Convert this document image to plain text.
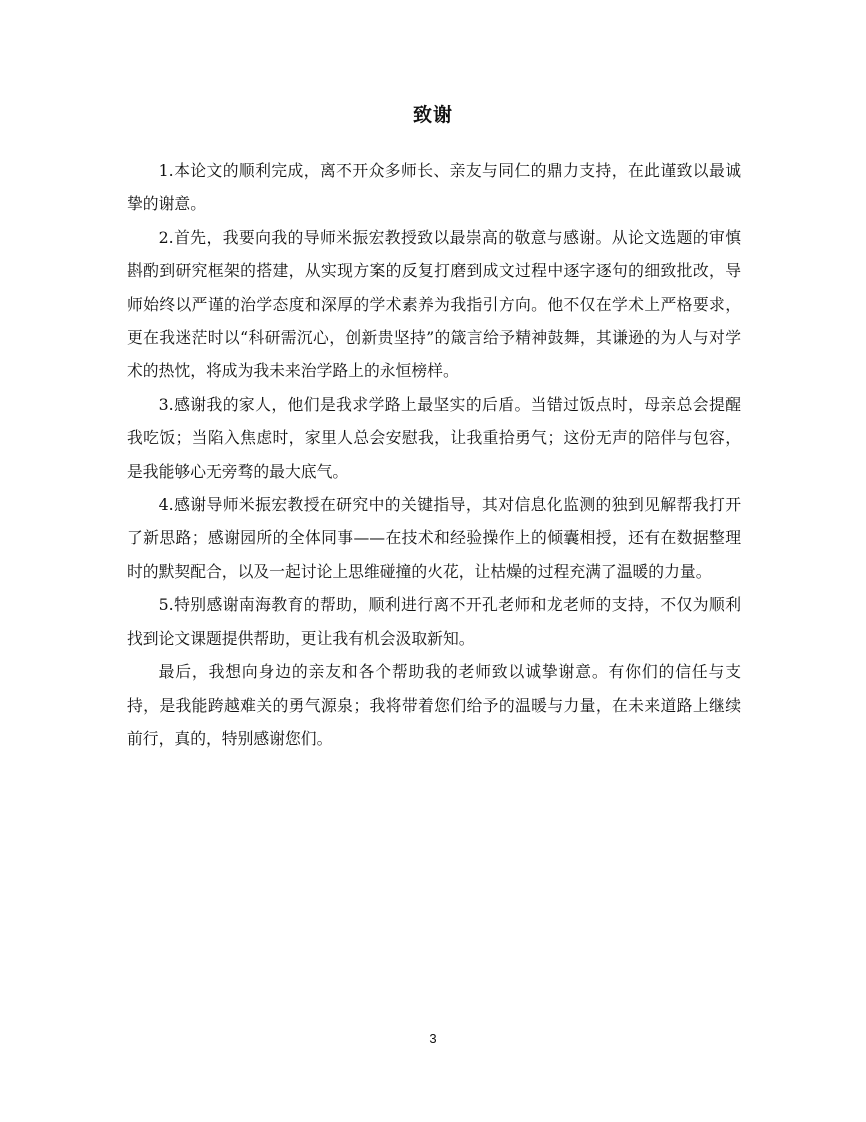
致谢

1.本论文的顺利完成，离不开众多师长、亲友与同仁的鼎力支持，在此谨致以最诚挚的谢意。

2.首先，我要向我的导师米振宏教授致以最崇高的敬意与感谢。从论文选题的审慎斟酌到研究框架的搭建，从实现方案的反复打磨到成文过程中逐字逐句的细致批改，导师始终以严谨的治学态度和深厚的学术素养为我指引方向。他不仅在学术上严格要求，更在我迷茫时以“科研需沉心，创新贵坚持”的箴言给予精神鼓舞，其谦逊的为人与对学术的热忱，将成为我未来治学路上的永恒榜样。

3.感谢我的家人，他们是我求学路上最坚实的后盾。当错过饭点时，母亲总会提醒我吃饭；当陷入焦虑时，家里人总会安慰我，让我重拾勇气；这份无声的陪伴与包容，是我能够心无旁骛的最大底气。

4.感谢导师米振宏教授在研究中的关键指导，其对信息化监测的独到见解帮我打开了新思路；感谢园所的全体同事——在技术和经验操作上的倾囊相授，还有在数据整理时的默契配合，以及一起讨论上思维碰撞的火花，让枯燥的过程充满了温暖的力量。

5.特别感谢南海教育的帮助，顺利进行离不开孔老师和龙老师的支持，不仅为顺利找到论文课题提供帮助，更让我有机会汲取新知。

最后，我想向身边的亲友和各个帮助我的老师致以诚挚谢意。有你们的信任与支持，是我能跨越难关的勇气源泉；我将带着您们给予的温暖与力量，在未来道路上继续前行，真的，特别感谢您们。

3
